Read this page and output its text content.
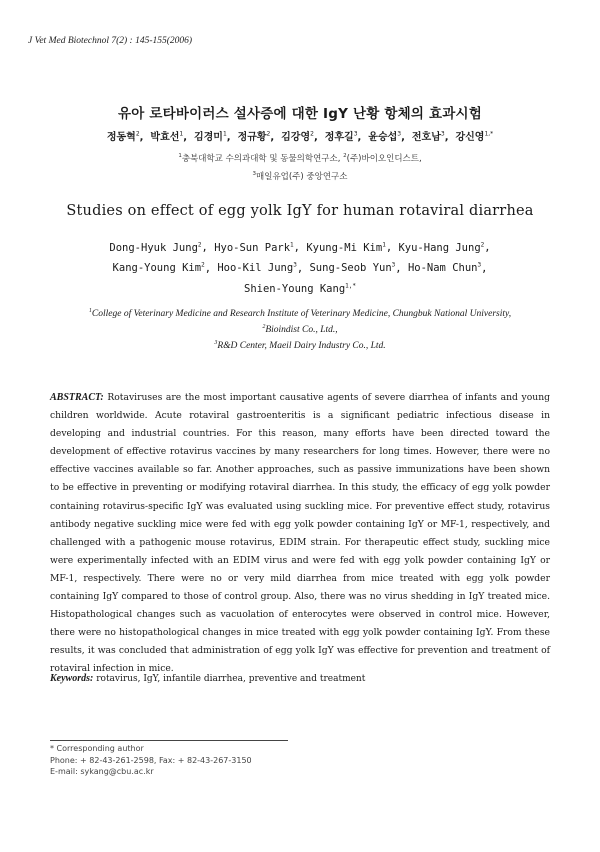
J Vet Med Biotechnol 7(2) : 145-155(2006)
유아 로타바이러스 설사증에 대한 IgY 난황 항체의 효과시험
정동혁$^2$,  박효선$^1$,  김경미$^1$,  정규황$^2$,  김강영$^2$,  정후길$^3$,  윤승섭$^3$,  전호남$^3$,  강신영$^{1,*}$
$^1$충북대학교 수의과대학 및 동물의학연구소, $^2$(주)바이오인디스트,
$^3$매일유업(주) 중앙연구소
Studies on effect of egg yolk IgY for human rotaviral diarrhea
Dong-Hyuk Jung$^2$, Hyo-Sun Park$^1$, Kyung-Mi Kim$^1$, Kyu-Hang Jung$^2$,
Kang-Young Kim$^2$, Hoo-Kil Jung$^3$, Sung-Seob Yun$^3$, Ho-Nam Chun$^3$,
Shien-Young Kang$^{1,*}$
$^1$College of Veterinary Medicine and Research Institute of Veterinary Medicine, Chungbuk National University,
$^2$Bioindist Co., Ltd.,
$^3$R&D Center, Maeil Dairy Industry Co., Ltd.
ABSTRACT: Rotaviruses are the most important causative agents of severe diarrhea of infants and young children worldwide. Acute rotaviral gastroenteritis is a significant pediatric infectious disease in developing and industrial countries. For this reason, many efforts have been directed toward the development of effective rotavirus vaccines by many researchers for long times. However, there were no effective vaccines available so far. Another approaches, such as passive immunizations have been shown to be effective in preventing or modifying rotaviral diarrhea. In this study, the efficacy of egg yolk powder containing rotavirus-specific IgY was evaluated using suckling mice. For preventive effect study, rotavirus antibody negative suckling mice were fed with egg yolk powder containing IgY or MF-1, respectively, and challenged with a pathogenic mouse rotavirus, EDIM strain. For therapeutic effect study, suckling mice were experimentally infected with an EDIM virus and were fed with egg yolk powder containing IgY or MF-1, respectively. There were no or very mild diarrhea from mice treated with egg yolk powder containing IgY compared to those of control group. Also, there was no virus shedding in IgY treated mice. Histopathological changes such as vacuolation of enterocytes were observed in control mice. However, there were no histopathological changes in mice treated with egg yolk powder containing IgY. From these results, it was concluded that administration of egg yolk IgY was effective for prevention and treatment of rotaviral infection in mice.
Keywords: rotavirus, IgY, infantile diarrhea, preventive and treatment
* Corresponding author
Phone: + 82-43-261-2598, Fax: + 82-43-267-3150
E-mail: sykang@cbu.ac.kr
